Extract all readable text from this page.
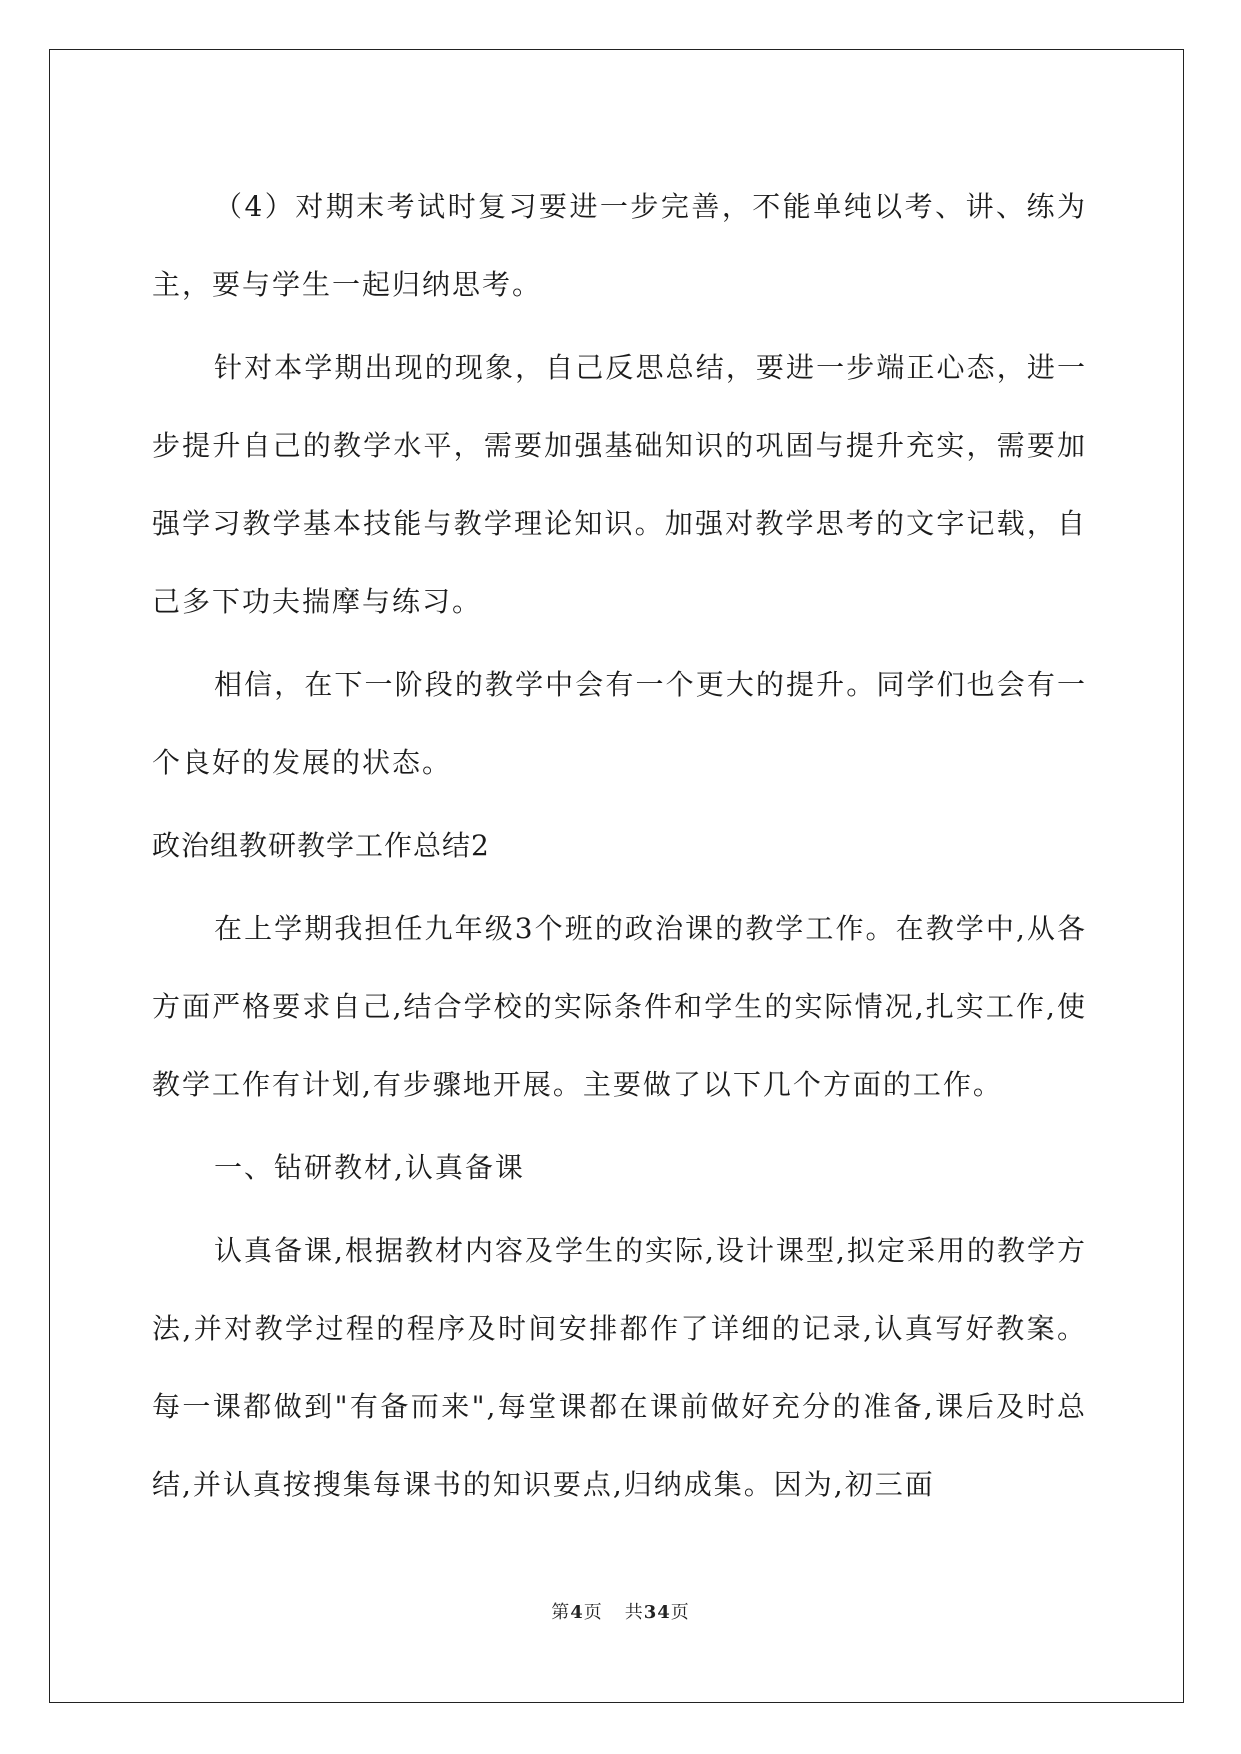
（4）对期末考试时复习要进一步完善，不能单纯以考、讲、练为主，要与学生一起归纳思考。

针对本学期出现的现象，自己反思总结，要进一步端正心态，进一步提升自己的教学水平，需要加强基础知识的巩固与提升充实，需要加强学习教学基本技能与教学理论知识。加强对教学思考的文字记载，自己多下功夫揣摩与练习。

相信，在下一阶段的教学中会有一个更大的提升。同学们也会有一个良好的发展的状态。

政治组教研教学工作总结2

在上学期我担任九年级3个班的政治课的教学工作。在教学中,从各方面严格要求自己,结合学校的实际条件和学生的实际情况,扎实工作,使教学工作有计划,有步骤地开展。主要做了以下几个方面的工作。

一、钻研教材,认真备课

认真备课,根据教材内容及学生的实际,设计课型,拟定采用的教学方法,并对教学过程的程序及时间安排都作了详细的记录,认真写好教案。每一课都做到"有备而来",每堂课都在课前做好充分的准备,课后及时总结,并认真按搜集每课书的知识要点,归纳成集。因为,初三面

第4页 共34页
